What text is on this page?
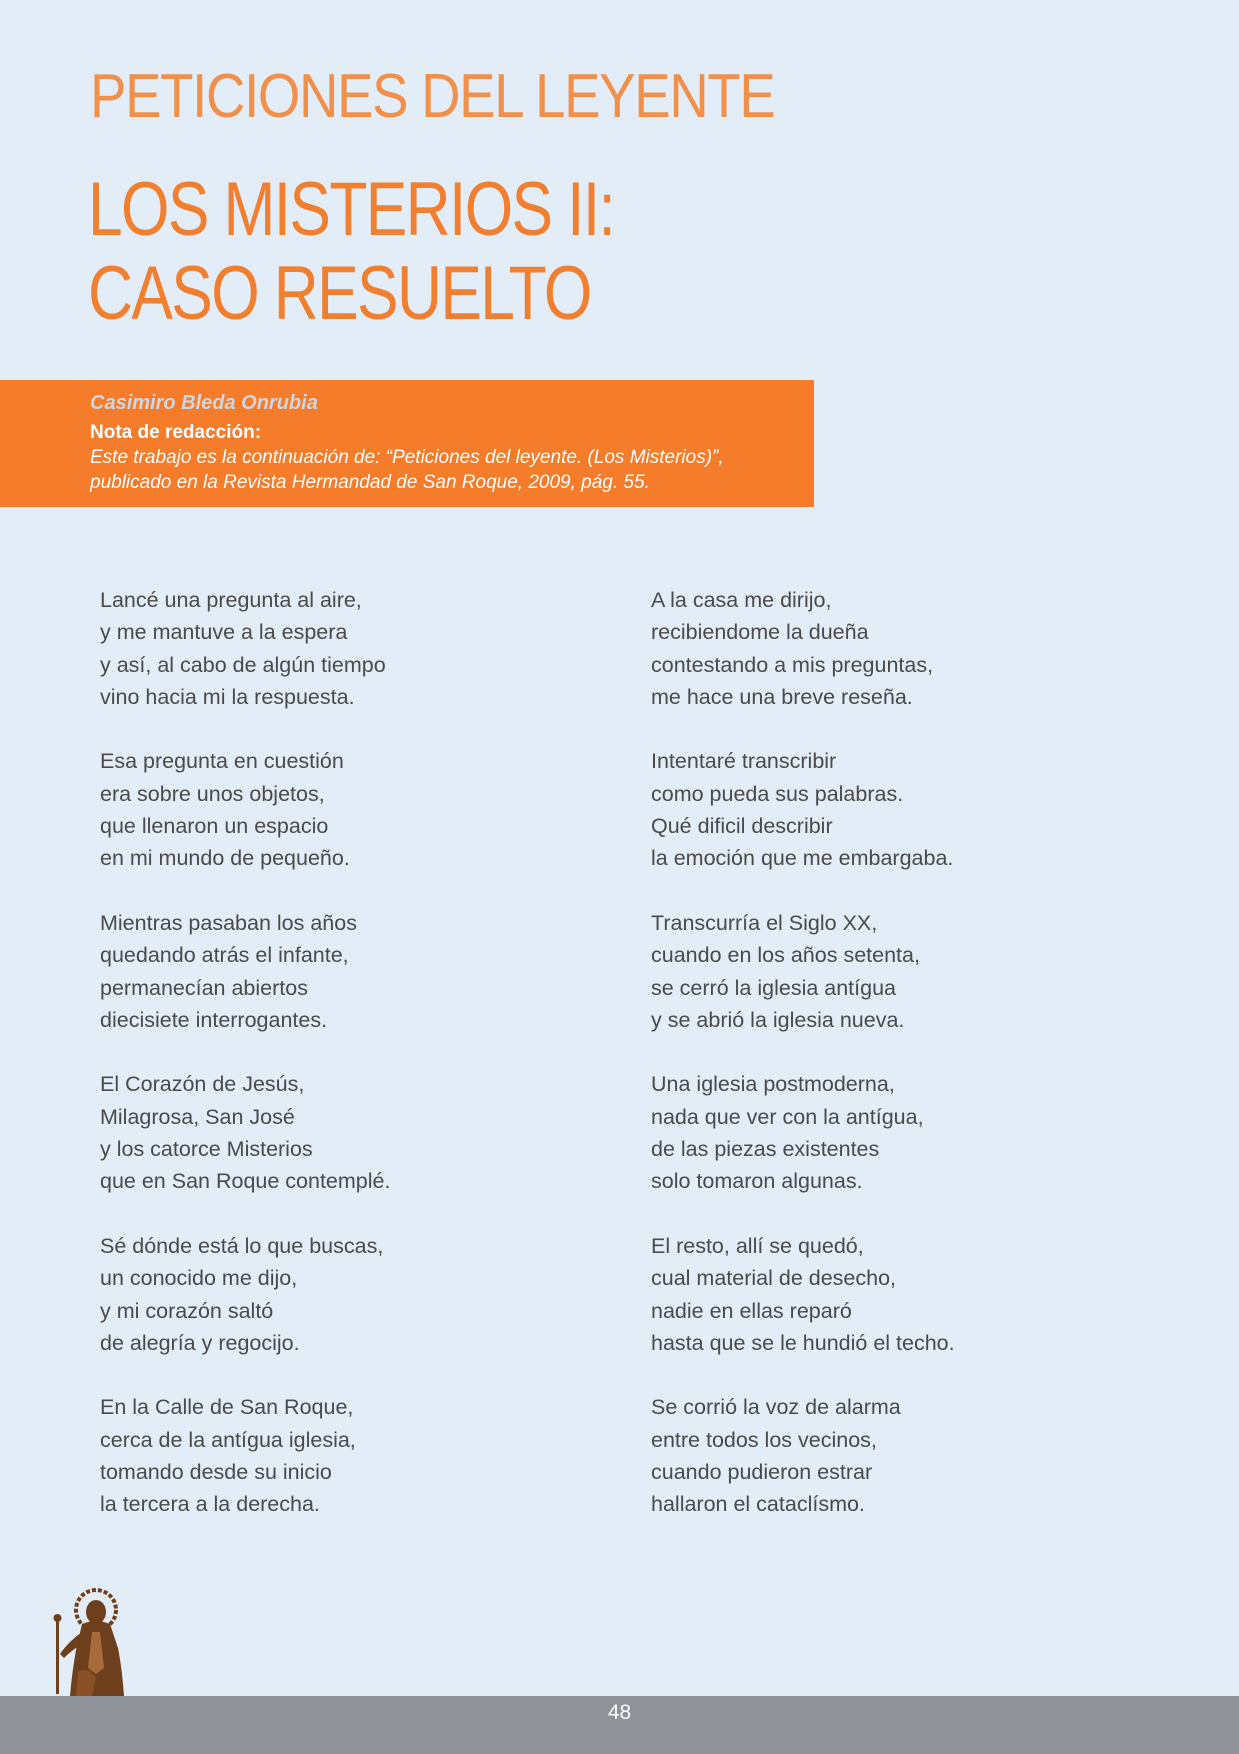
PETICIONES DEL LEYENTE
LOS MISTERIOS II:
CASO RESUELTO
Casimiro Bleda Onrubia
Nota de redacción:
Este trabajo es la continuación de: “Peticiones del leyente. (Los Misterios)”,
publicado en la Revista Hermandad de San Roque, 2009, pág. 55.
Lancé una pregunta al aire,
y me mantuve a la espera
y así, al cabo de algún tiempo
vino hacia mi la respuesta.
Esa pregunta en cuestión
era sobre unos objetos,
que llenaron un espacio
en mi mundo de pequeño.
Mientras pasaban los años
quedando atrás el infante,
permanecían abiertos
diecisiete interrogantes.
El Corazón de Jesús,
Milagrosa, San José
y los catorce Misterios
que en San Roque contemplé.
Sé dónde está lo que buscas,
un conocido me dijo,
y mi corazón saltó
de alegría y regocijo.
En la Calle de San Roque,
cerca de la antígua iglesia,
tomando desde su inicio
la tercera a la derecha.
A la casa me dirijo,
recibiendome la dueña
contestando a mis preguntas,
me hace una breve reseña.
Intentaré transcribir
como pueda sus palabras.
Qué dificil describir
la emoción que me embargaba.
Transcurría el Siglo XX,
cuando en los años setenta,
se cerró la iglesia antígua
y se abrió la iglesia nueva.
Una iglesia postmoderna,
nada que ver con la antígua,
de las piezas existentes
solo tomaron algunas.
El resto, allí se quedó,
cual material de desecho,
nadie en ellas reparó
hasta que se le hundió el techo.
Se corrió la voz de alarma
entre todos los vecinos,
cuando pudieron estrar
hallaron el cataclísmo.
48
